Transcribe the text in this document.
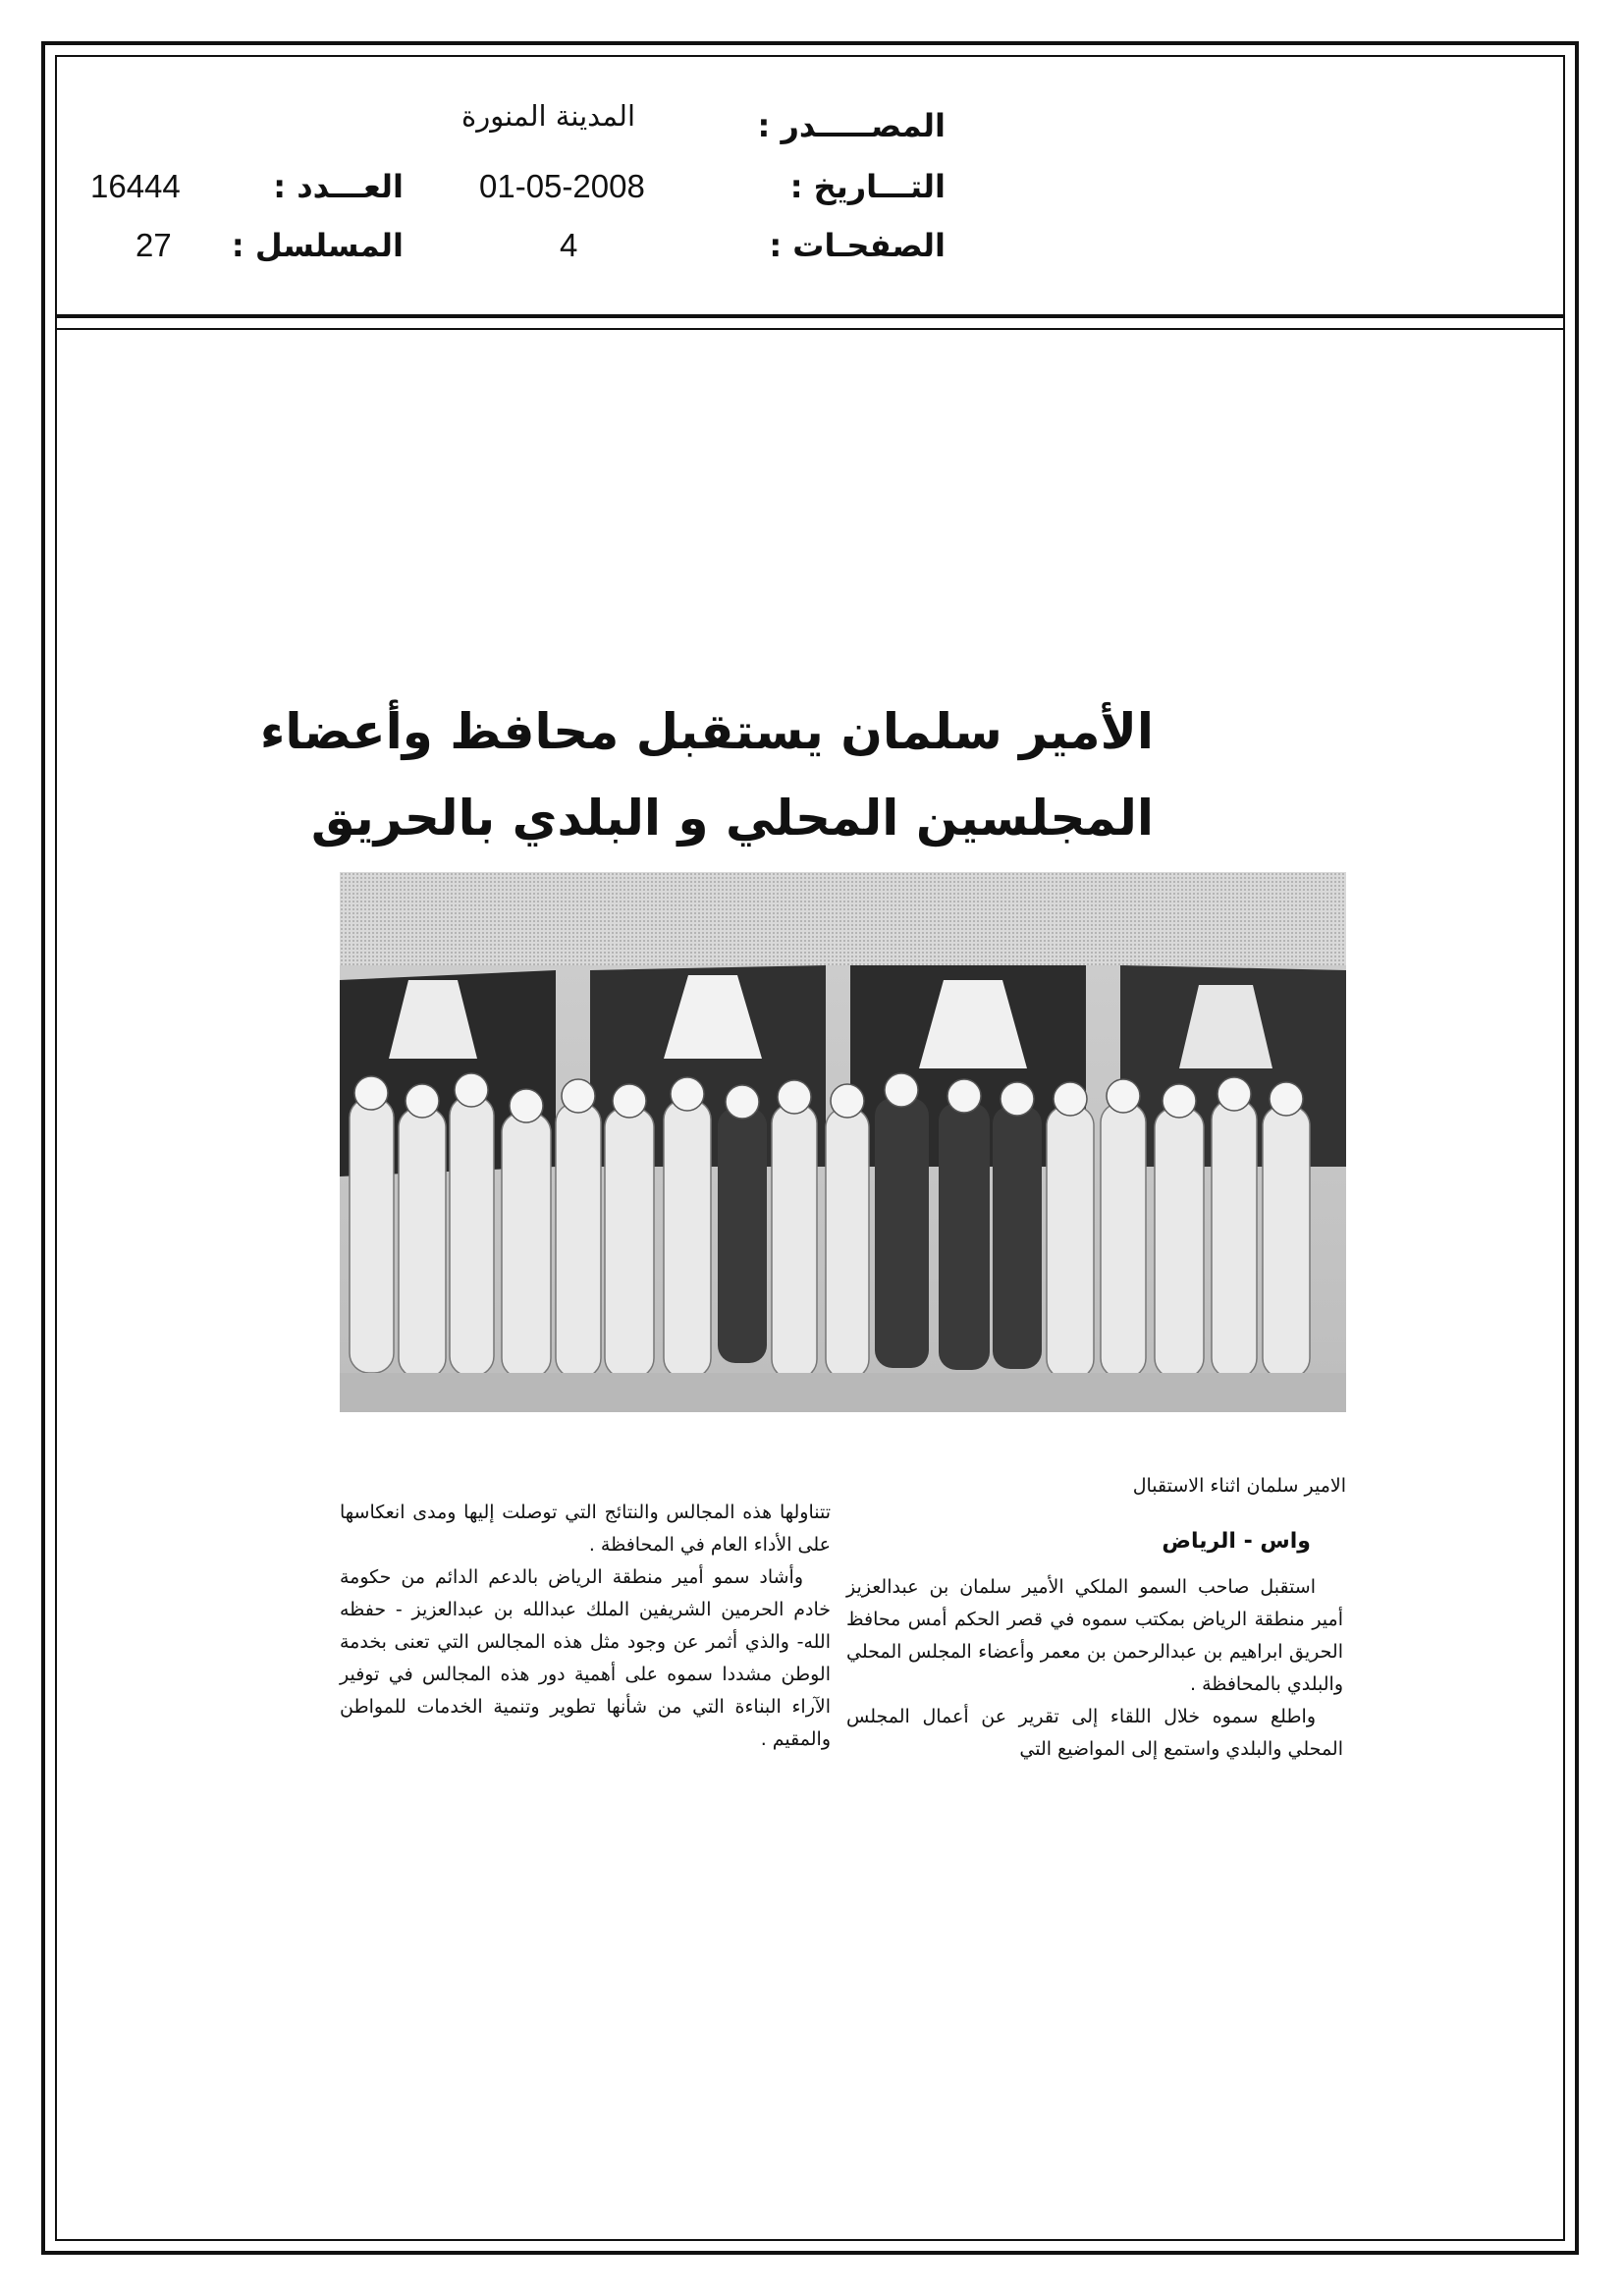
المصـــــدر :
المدينة المنورة
التـــاريخ :
01-05-2008
الصفحـات :
4
العـــدد :
16444
المسلسل :
27
الأمير سلمان يستقبل محافظ وأعضاء
المجلسين المحلي و البلدي بالحريق
الامير سلمان اثناء الاستقبال
واس - الرياض

استقبل صاحب السمو الملكي الأمير سلمان بن عبدالعزيز أمير منطقة الرياض بمكتب سموه في قصر الحكم أمس محافظ الحريق ابراهيم بن عبدالرحمن بن معمر وأعضاء المجلس المحلي والبلدي بالمحافظة .

واطلع سموه خلال اللقاء إلى تقرير عن أعمال المجلس المحلي والبلدي واستمع إلى المواضيع التي

تتناولها هذه المجالس والنتائج التي توصلت إليها ومدى انعكاسها على الأداء العام في المحافظة .

وأشاد سمو أمير منطقة الرياض بالدعم الدائم من حكومة خادم الحرمين الشريفين الملك عبدالله بن عبدالعزيز - حفظه الله- والذي أثمر عن وجود مثل هذه المجالس التي تعنى بخدمة الوطن مشددا سموه على أهمية دور هذه المجالس في توفير الآراء البناءة التي من شأنها تطوير وتنمية الخدمات للمواطن والمقيم .
